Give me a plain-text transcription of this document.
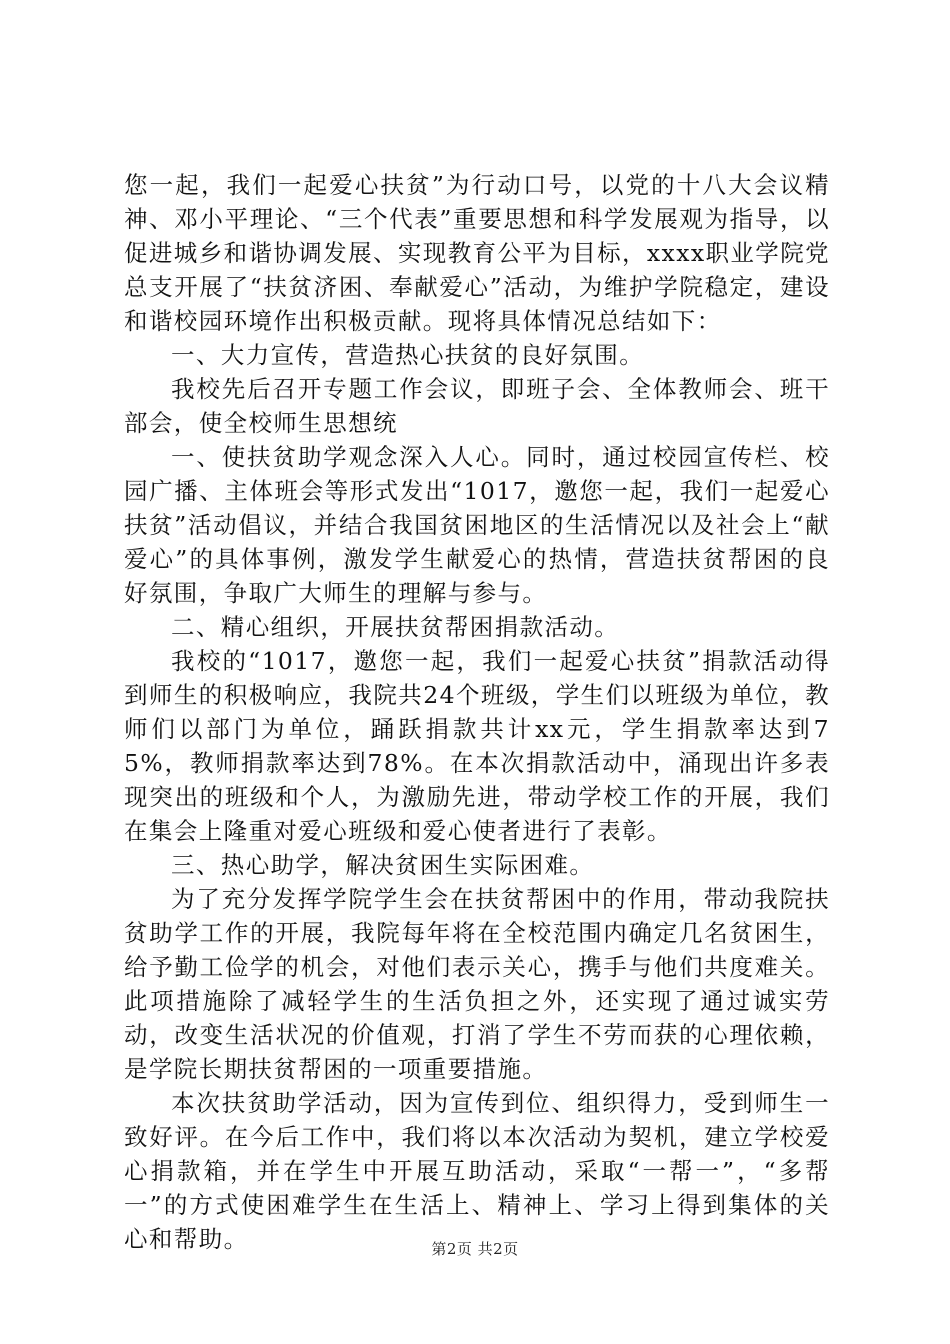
您一起，我们一起爱心扶贫”为行动口号，以党的十八大会议精神、邓小平理论、“三个代表”重要思想和科学发展观为指导，以促进城乡和谐协调发展、实现教育公平为目标，xxxx职业学院党总支开展了“扶贫济困、奉献爱心”活动，为维护学院稳定，建设和谐校园环境作出积极贡献。现将具体情况总结如下：

一、大力宣传，营造热心扶贫的良好氛围。

我校先后召开专题工作会议，即班子会、全体教师会、班干部会，使全校师生思想统

一、使扶贫助学观念深入人心。同时，通过校园宣传栏、校园广播、主体班会等形式发出“1017，邀您一起，我们一起爱心扶贫”活动倡议，并结合我国贫困地区的生活情况以及社会上“献爱心”的具体事例，激发学生献爱心的热情，营造扶贫帮困的良好氛围，争取广大师生的理解与参与。

二、精心组织，开展扶贫帮困捐款活动。

我校的“1017，邀您一起，我们一起爱心扶贫”捐款活动得到师生的积极响应，我院共24个班级，学生们以班级为单位，教师们以部门为单位，踊跃捐款共计xx元，学生捐款率达到75%，教师捐款率达到78%。在本次捐款活动中，涌现出许多表现突出的班级和个人，为激励先进，带动学校工作的开展，我们在集会上隆重对爱心班级和爱心使者进行了表彰。

三、热心助学，解决贫困生实际困难。

为了充分发挥学院学生会在扶贫帮困中的作用，带动我院扶贫助学工作的开展，我院每年将在全校范围内确定几名贫困生，给予勤工俭学的机会，对他们表示关心，携手与他们共度难关。此项措施除了减轻学生的生活负担之外，还实现了通过诚实劳动，改变生活状况的价值观，打消了学生不劳而获的心理依赖，是学院长期扶贫帮困的一项重要措施。

本次扶贫助学活动，因为宣传到位、组织得力，受到师生一致好评。在今后工作中，我们将以本次活动为契机，建立学校爱心捐款箱，并在学生中开展互助活动，采取“一帮一”，“多帮一”的方式使困难学生在生活上、精神上、学习上得到集体的关心和帮助。	第2页 共2页
